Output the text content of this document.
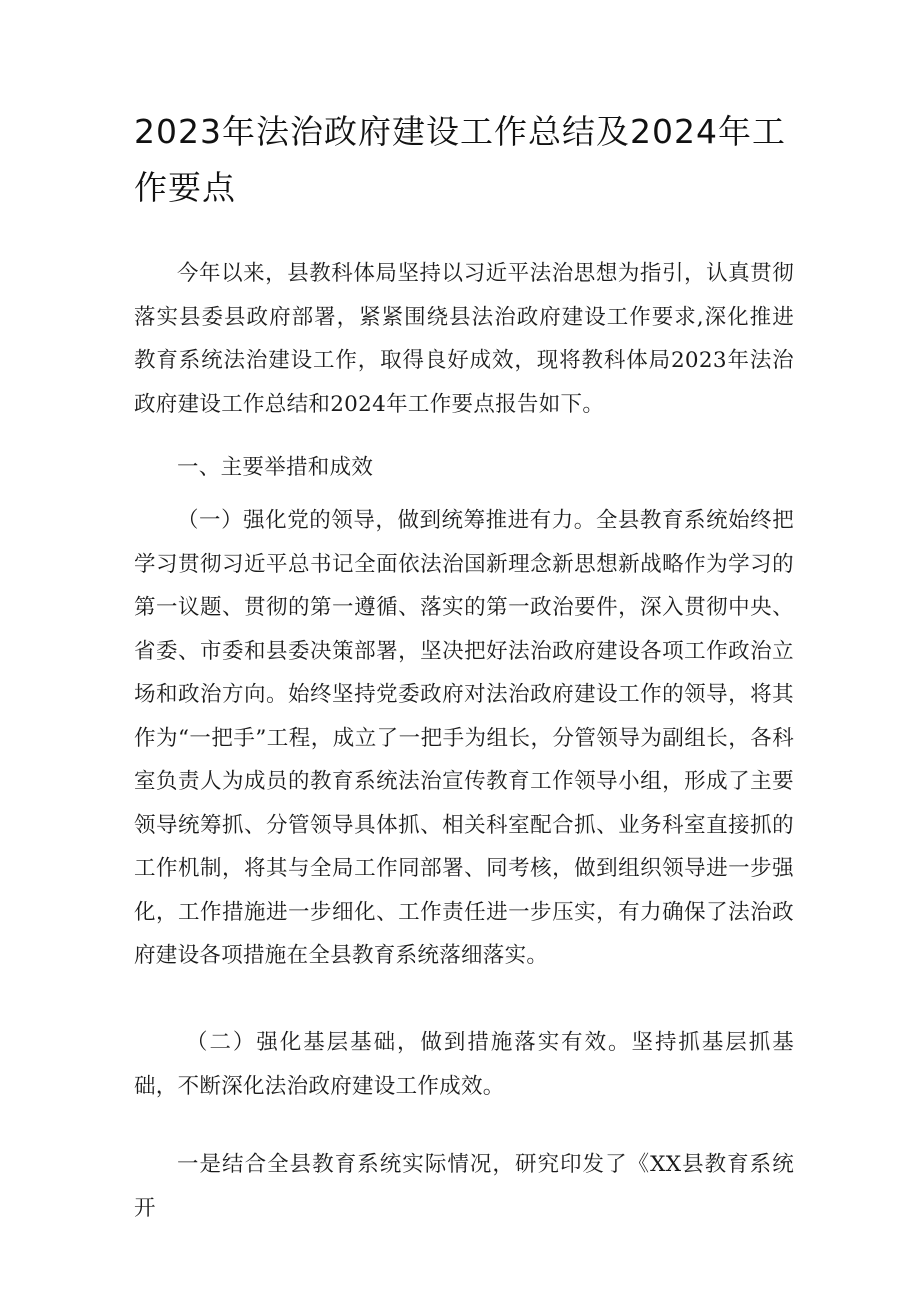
2023年法治政府建设工作总结及2024年工作要点

今年以来，县教科体局坚持以习近平法治思想为指引，认真贯彻落实县委县政府部署，紧紧围绕县法治政府建设工作要求,深化推进教育系统法治建设工作，取得良好成效，现将教科体局2023年法治政府建设工作总结和2024年工作要点报告如下。

一、主要举措和成效

（一）强化党的领导，做到统筹推进有力。全县教育系统始终把学习贯彻习近平总书记全面依法治国新理念新思想新战略作为学习的第一议题、贯彻的第一遵循、落实的第一政治要件，深入贯彻中央、省委、市委和县委决策部署，坚决把好法治政府建设各项工作政治立场和政治方向。始终坚持党委政府对法治政府建设工作的领导，将其作为“一把手”工程，成立了一把手为组长，分管领导为副组长，各科室负责人为成员的教育系统法治宣传教育工作领导小组，形成了主要领导统筹抓、分管领导具体抓、相关科室配合抓、业务科室直接抓的工作机制，将其与全局工作同部署、同考核，做到组织领导进一步强化，工作措施进一步细化、工作责任进一步压实，有力确保了法治政府建设各项措施在全县教育系统落细落实。

（二）强化基层基础，做到措施落实有效。坚持抓基层抓基础，不断深化法治政府建设工作成效。

一是结合全县教育系统实际情况，研究印发了《XX县教育系统开
